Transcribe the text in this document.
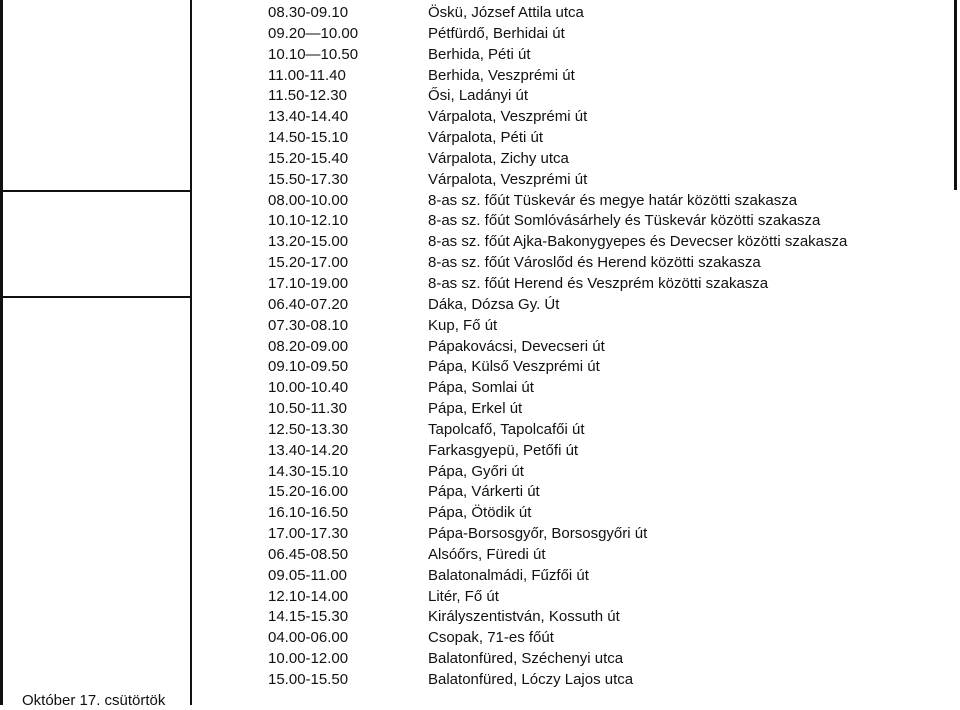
08.30-09.10	Öskü, József Attila utca
09.20—10.00	Pétfürdő, Berhidai út
10.10—10.50	Berhida, Péti út
11.00-11.40	Berhida, Veszprémi út
11.50-12.30	Ősi, Ladányi út
13.40-14.40	Várpalota, Veszprémi út
14.50-15.10	Várpalota, Péti út
15.20-15.40	Várpalota, Zichy utca
15.50-17.30	Várpalota, Veszprémi út
08.00-10.00	8-as sz. főút Tüskevár és megye határ közötti szakasza
10.10-12.10	8-as sz. főút Somlóvásárhely és Tüskevár közötti szakasza
13.20-15.00	8-as sz. főút Ajka-Bakonygyepes és Devecser közötti szakasza
15.20-17.00	8-as sz. főút Városlőd és Herend közötti szakasza
17.10-19.00	8-as sz. főút Herend és Veszprém közötti szakasza
06.40-07.20	Dáka, Dózsa Gy. Út
07.30-08.10	Kup, Fő út
08.20-09.00	Pápakovácsi, Devecseri út
09.10-09.50	Pápa, Külső Veszprémi út
10.00-10.40	Pápa, Somlai út
10.50-11.30	Pápa, Erkel út
12.50-13.30	Tapolcafő, Tapolcafői út
13.40-14.20	Farkasgyepü, Petőfi út
14.30-15.10	Pápa, Győri út
15.20-16.00	Pápa, Várkerti út
16.10-16.50	Pápa, Ötödik út
17.00-17.30	Pápa-Borsosgyőr, Borsosgyőri út
06.45-08.50	Alsóőrs, Füredi út
09.05-11.00	Balatonalmádi, Fűzfői út
12.10-14.00	Litér, Fő út
14.15-15.30	Királyszentistván, Kossuth út
04.00-06.00	Csopak, 71-es főút
10.00-12.00	Balatonfüred, Széchenyi utca
15.00-15.50	Balatonfüred, Lóczy Lajos utca
Október 17. csütörtök
